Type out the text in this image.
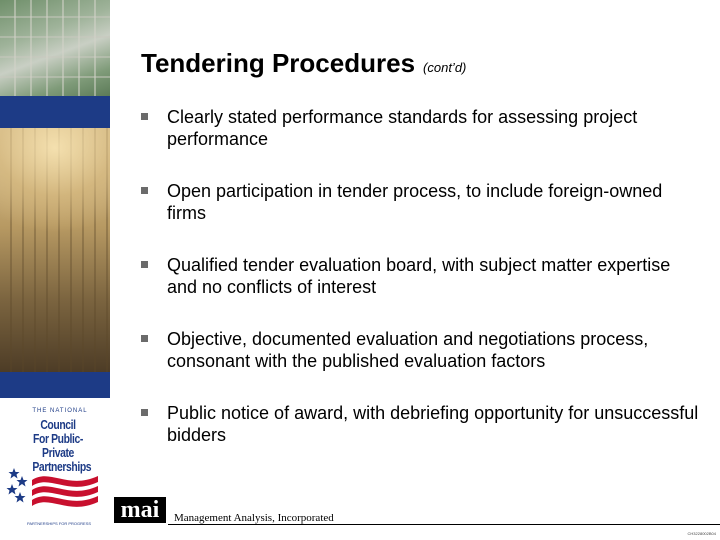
THE NATIONAL
Council For Public-Private Partnerships
PARTNERSHIPS FOR PROGRESS
Tendering Procedures (cont’d)
Clearly stated performance standards for assessing project performance
Open participation in tender process, to include foreign-owned firms
Qualified tender evaluation board, with subject matter expertise and no conflicts of interest
Objective, documented evaluation and negotiations process, consonant with the published evaluation factors
Public notice of award, with debriefing opportunity for unsuccessful bidders
mai	Management Analysis, Incorporated
CH3228002B04
